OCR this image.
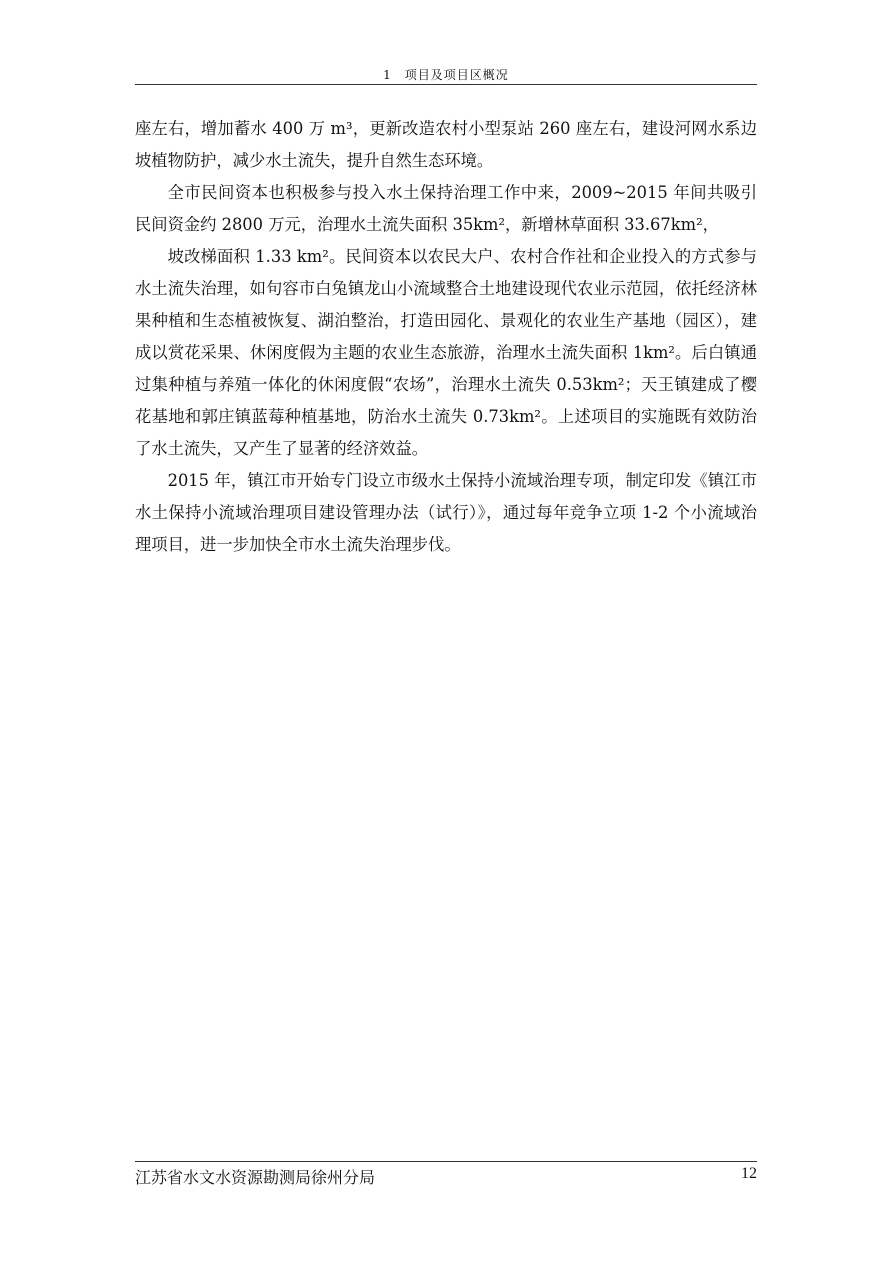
1　项目及项目区概况

座左右，增加蓄水 400 万 m³，更新改造农村小型泵站 260 座左右，建设河网水系边坡植物防护，减少水土流失，提升自然生态环境。

全市民间资本也积极参与投入水土保持治理工作中来，2009~2015 年间共吸引民间资金约 2800 万元，治理水土流失面积 35km²，新增林草面积 33.67km²，

坡改梯面积 1.33 km²。民间资本以农民大户、农村合作社和企业投入的方式参与水土流失治理，如句容市白兔镇龙山小流域整合土地建设现代农业示范园，依托经济林果种植和生态植被恢复、湖泊整治，打造田园化、景观化的农业生产基地（园区），建成以赏花采果、休闲度假为主题的农业生态旅游，治理水土流失面积 1km²。后白镇通过集种植与养殖一体化的休闲度假“农场”，治理水土流失 0.53km²；天王镇建成了樱花基地和郭庄镇蓝莓种植基地，防治水土流失 0.73km²。上述项目的实施既有效防治了水土流失，又产生了显著的经济效益。

2015 年，镇江市开始专门设立市级水土保持小流域治理专项，制定印发《镇江市水土保持小流域治理项目建设管理办法（试行）》，通过每年竞争立项 1-2 个小流域治理项目，进一步加快全市水土流失治理步伐。

江苏省水文水资源勘测局徐州分局	12
